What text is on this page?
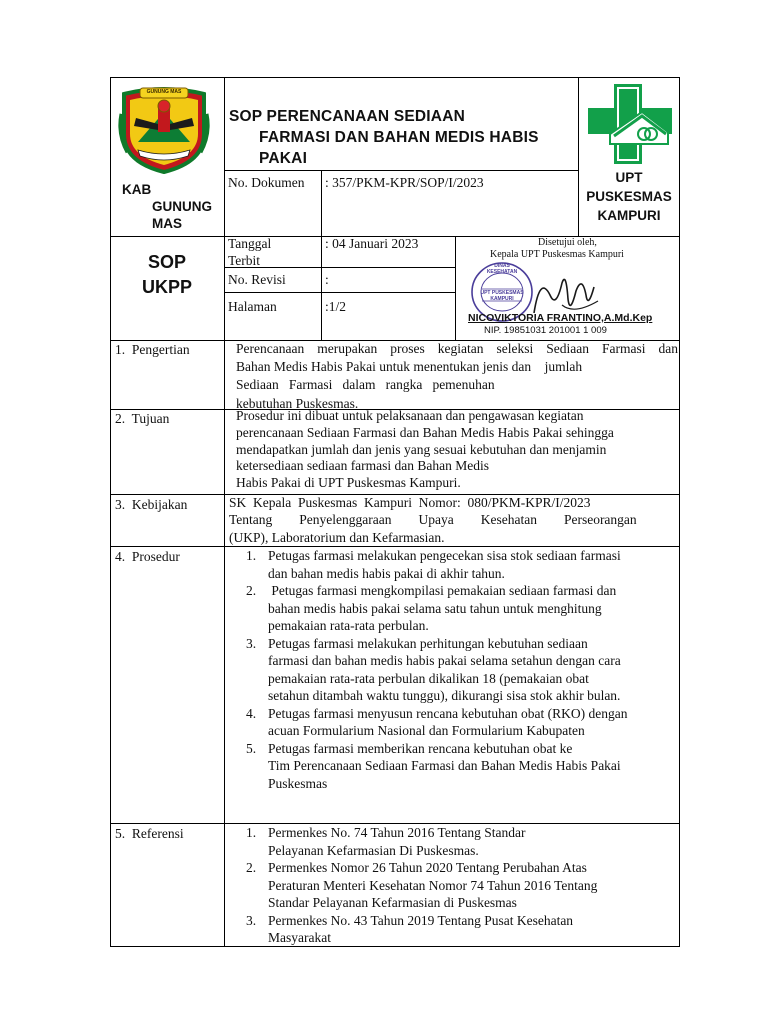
GUNUNG MAS
KAB
GUNUNG
MAS
SOP PERENCANAAN SEDIAAN
FARMASI DAN BAHAN MEDIS HABIS
PAKAI
UPT
PUSKESMAS
KAMPURI
No. Dokumen : 357/PKM-KPR/SOP/I/2023
Tanggal
Terbit
: 04 Januari 2023
No. Revisi	:
Halaman	:1/2
SOP
UKPP
Disetujui oleh,
Kepala UPT Puskesmas Kampuri
DINAS KESEHATAN
UPT PUSKESMAS
KAMPURI
NICOVIKTORIA FRANTINO,A.Md.Kep
NIP. 19851031 201001 1 009
1.  Pengertian	Perencanaan merupakan proses kegiatan seleksi Sediaan Farmasi dan
Bahan Medis Habis Pakai untuk menentukan jenis dan    jumlah
Sediaan   Farmasi   dalam   rangka   pemenuhan
kebutuhan Puskesmas.
2.  Tujuan	Prosedur ini dibuat untuk pelaksanaan dan pengawasan kegiatan
perencanaan Sediaan Farmasi dan Bahan Medis Habis Pakai sehingga
mendapatkan jumlah dan jenis yang sesuai kebutuhan dan menjamin
ketersediaan sediaan farmasi dan Bahan Medis
Habis Pakai di UPT Puskesmas Kampuri.
3.  Kebijakan	SK  Kepala  Puskesmas  Kampuri  Nomor:  080/PKM-KPR/I/2023
Tentang        Penyelenggaraan        Upaya        Kesehatan        Perseorangan
(UKP), Laboratorium dan Kefarmasian.
4.  Prosedur	1. Petugas farmasi melakukan pengecekan sisa stok sediaan farmasi
dan bahan medis habis pakai di akhir tahun.
2. Petugas farmasi mengkompilasi pemakaian sediaan farmasi dan
bahan medis habis pakai selama satu tahun untuk menghitung
pemakaian rata-rata perbulan.
3. Petugas farmasi melakukan perhitungan kebutuhan sediaan
farmasi dan bahan medis habis pakai selama setahun dengan cara
pemakaian rata-rata perbulan dikalikan 18 (pemakaian obat
setahun ditambah waktu tunggu), dikurangi sisa stok akhir bulan.
4. Petugas farmasi menyusun rencana kebutuhan obat (RKO) dengan
acuan Formularium Nasional dan Formularium Kabupaten
5. Petugas farmasi memberikan rencana kebutuhan obat ke
Tim Perencanaan Sediaan Farmasi dan Bahan Medis Habis Pakai
Puskesmas
5.  Referensi	1. Permenkes No. 74 Tahun 2016 Tentang Standar
Pelayanan Kefarmasian Di Puskesmas.
2. Permenkes Nomor 26 Tahun 2020 Tentang Perubahan Atas
Peraturan Menteri Kesehatan Nomor 74 Tahun 2016 Tentang
Standar Pelayanan Kefarmasian di Puskesmas
3. Permenkes No. 43 Tahun 2019 Tentang Pusat Kesehatan
Masyarakat
